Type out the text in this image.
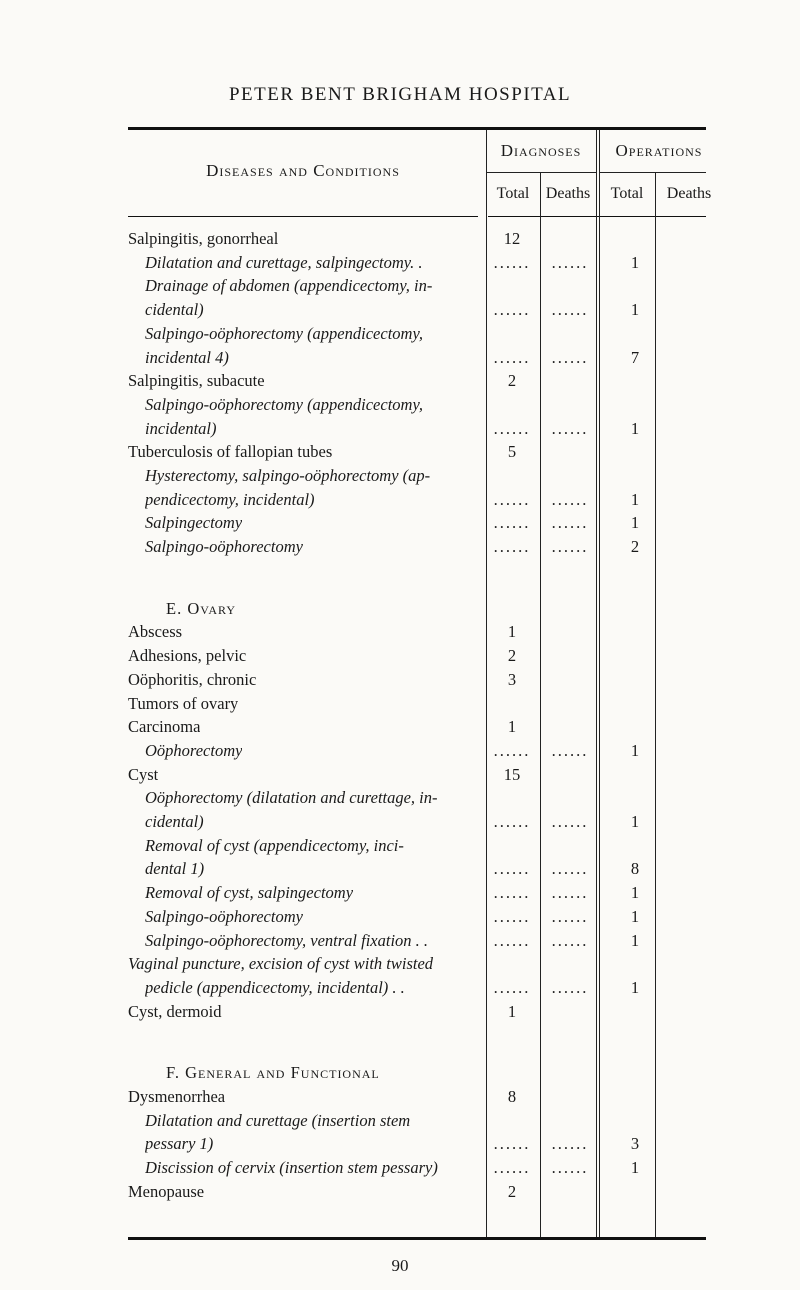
PETER BENT BRIGHAM HOSPITAL
Diseases and Conditions
Diagnoses	Operations
Total	Deaths	Total	Deaths
Salpingitis, gonorrheal	12
Dilatation and curettage, salpingectomy. .	......	......	1
Drainage of abdomen (appendicectomy, in-
cidental)	......	......	1
Salpingo-oöphorectomy (appendicectomy,
incidental 4)	......	......	7
Salpingitis, subacute	2
Salpingo-oöphorectomy (appendicectomy,
incidental)	......	......	1
Tuberculosis of fallopian tubes	5
Hysterectomy, salpingo-oöphorectomy (ap-
pendicectomy, incidental)	......	......	1
Salpingectomy	......	......	1
Salpingo-oöphorectomy	......	......	2
E. Ovary
Abscess	1
Adhesions, pelvic	2
Oöphoritis, chronic	3
Tumors of ovary
Carcinoma	1
Oöphorectomy	......	......	1
Cyst	15
Oöphorectomy (dilatation and curettage, in-
cidental)	......	......	1
Removal of cyst (appendicectomy, inci-
dental 1)	......	......	8
Removal of cyst, salpingectomy	......	......	1
Salpingo-oöphorectomy	......	......	1
Salpingo-oöphorectomy, ventral fixation . .	......	......	1
Vaginal puncture, excision of cyst with twisted
pedicle (appendicectomy, incidental) . .	......	......	1
Cyst, dermoid	1
F. General and Functional
Dysmenorrhea	8
Dilatation and curettage (insertion stem
pessary 1)	......	......	3
Discission of cervix (insertion stem pessary)	......	......	1
Menopause	2
90
